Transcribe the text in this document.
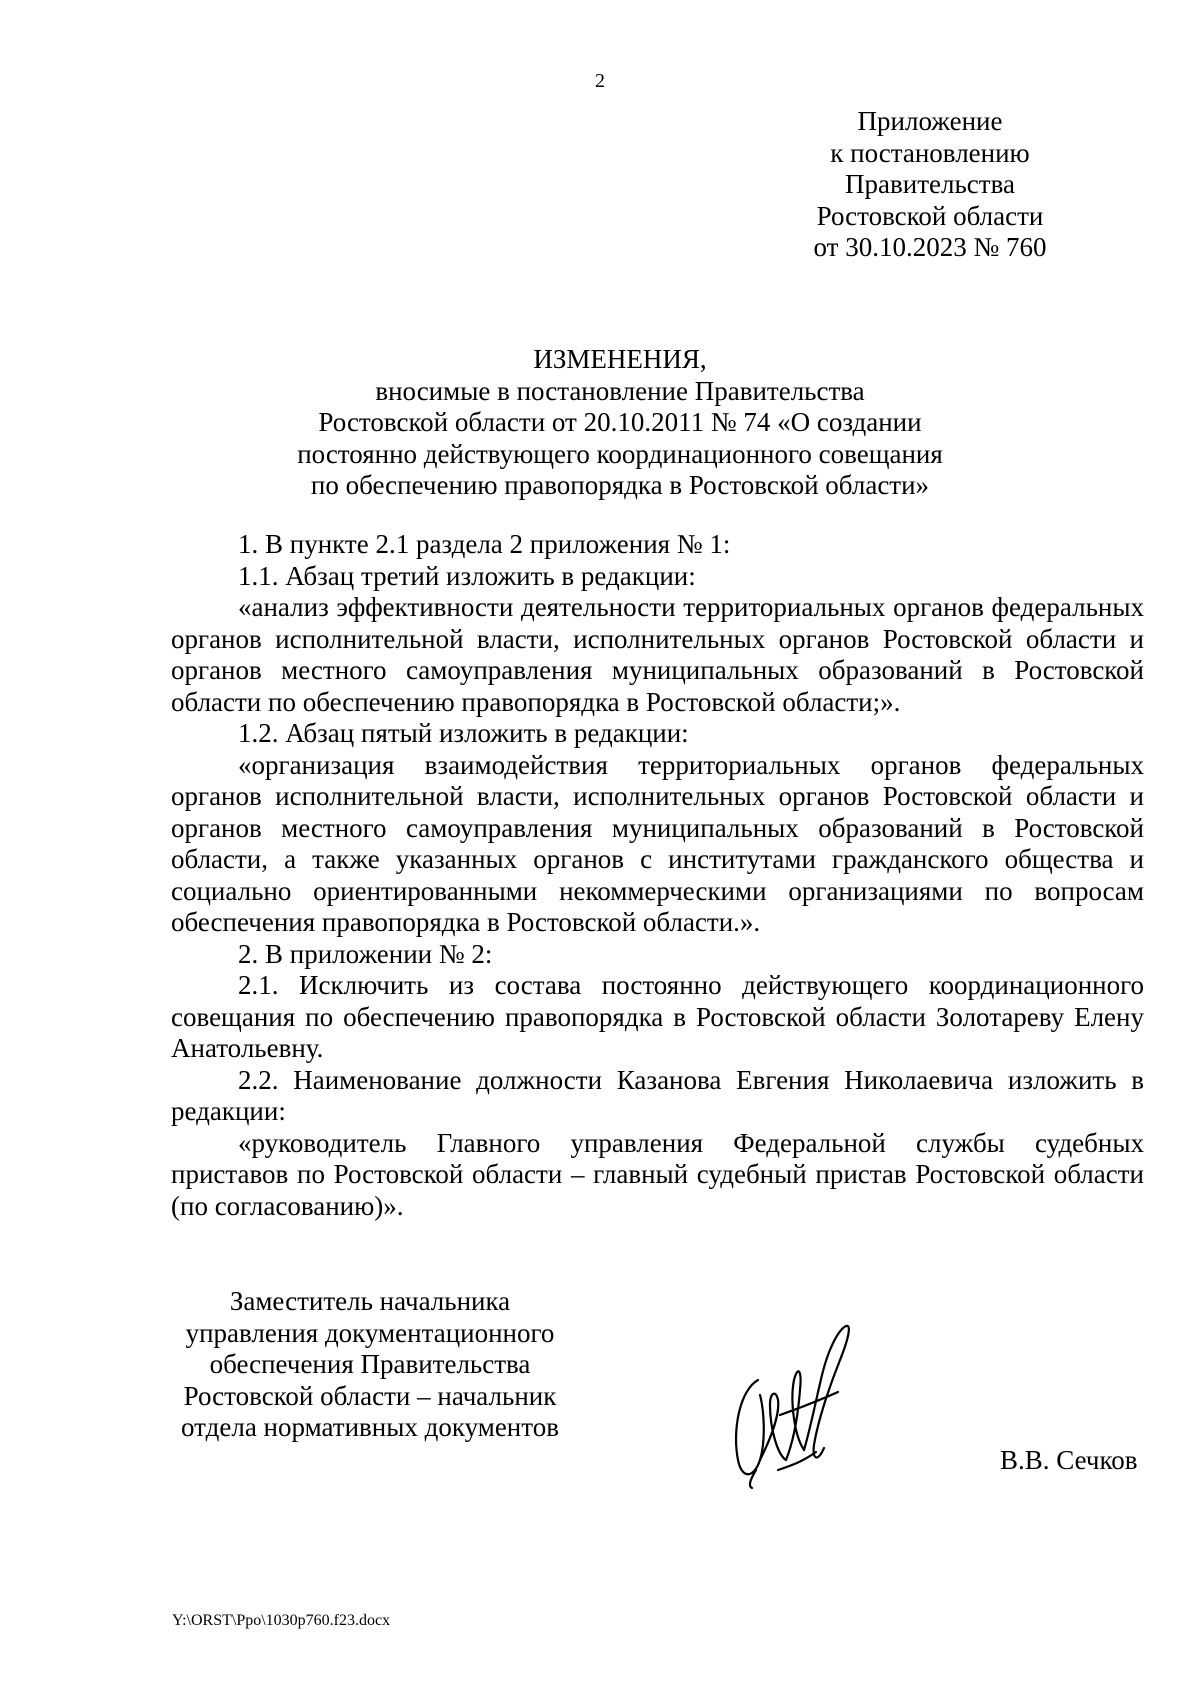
2
Приложение
к постановлению
Правительства
Ростовской области
от 30.10.2023 № 760
ИЗМЕНЕНИЯ,
вносимые в постановление Правительства
Ростовской области от 20.10.2011 № 74 «О создании
постоянно действующего координационного совещания
по обеспечению правопорядка в Ростовской области»

1. В пункте 2.1 раздела 2 приложения № 1:

1.1. Абзац третий изложить в редакции:

«анализ эффективности деятельности территориальных органов федеральных органов исполнительной власти, исполнительных органов Ростовской области и органов местного самоуправления муниципальных образований в Ростовской области по обеспечению правопорядка в Ростовской области;».

1.2. Абзац пятый изложить в редакции:

«организация взаимодействия территориальных органов федеральных органов исполнительной власти, исполнительных органов Ростовской области и органов местного самоуправления муниципальных образований в Ростовской области, а также указанных органов с институтами гражданского общества и социально ориентированными некоммерческими организациями по вопросам обеспечения правопорядка в Ростовской области.».

2. В приложении № 2:

2.1. Исключить из состава постоянно действующего координационного совещания по обеспечению правопорядка в Ростовской области Золотареву Елену Анатольевну.

2.2. Наименование должности Казанова Евгения Николаевича изложить в редакции:

«руководитель Главного управления Федеральной службы судебных приставов по Ростовской области – главный судебный пристав Ростовской области (по согласованию)».

Заместитель начальника
управления документационного
обеспечения Правительства
Ростовской области – начальник
отдела нормативных документов
В.В. Сечков
Y:\ORST\Ppo\1030p760.f23.docx
